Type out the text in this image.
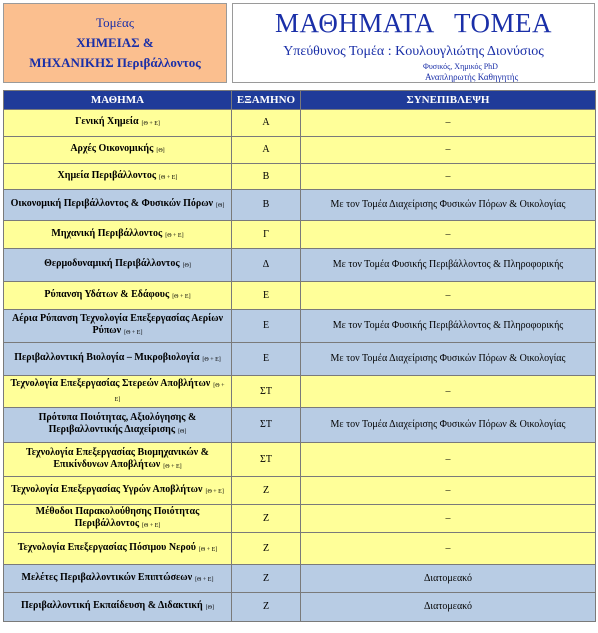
Τομέας
ΧΗΜΕΙΑΣ &
ΜΗΧΑΝΙΚΗΣ Περιβάλλοντος
ΜΑΘΗΜΑΤΑ ΤΟΜΕΑ
Υπεύθυνος Τομέα : Κουλουγλιώτης Διονύσιος
Φυσικός, Χημικός PhD
Αναπληρωτής Καθηγητής
ΜΑΘΗΜΑ	ΕΞΑΜΗΝΟ	ΣΥΝΕΠΙΒΛΕΨΗ
Γενική Χημεία [Θ + Ε]	Α	–
Αρχές Οικονομικής [Θ]	Α	–
Χημεία Περιβάλλοντος [Θ + Ε]	Β	–
Οικονομική Περιβάλλοντος & Φυσικών Πόρων [Θ]	Β	Με τον Τομέα Διαχείρισης Φυσικών Πόρων & Οικολογίας
Μηχανική Περιβάλλοντος [Θ + Ε]	Γ	–
Θερμοδυναμική Περιβάλλοντος [Θ]	Δ	Με τον Τομέα Φυσικής Περιβάλλοντος & Πληροφορικής
Ρύπανση Υδάτων & Εδάφους [Θ + Ε]	Ε	–
Αέρια Ρύπανση Τεχνολογία Επεξεργασίας Αερίων Ρύπων [Θ + Ε]	Ε	Με τον Τομέα Φυσικής Περιβάλλοντος & Πληροφορικής
Περιβαλλοντική Βιολογία – Μικροβιολογία [Θ + Ε]	Ε	Με τον Τομέα Διαχείρισης Φυσικών Πόρων & Οικολογίας
Τεχνολογία Επεξεργασίας Στερεών Αποβλήτων [Θ + Ε]	ΣΤ	–
Πρότυπα Ποιότητας, Αξιολόγησης & Περιβαλλοντικής Διαχείρισης [Θ]	ΣΤ	Με τον Τομέα Διαχείρισης Φυσικών Πόρων & Οικολογίας
Τεχνολογία Επεξεργασίας Βιομηχανικών & Επικίνδυνων Αποβλήτων [Θ + Ε]	ΣΤ	–
Τεχνολογία Επεξεργασίας Υγρών Αποβλήτων [Θ + Ε]	Ζ	–
Μέθοδοι Παρακολούθησης Ποιότητας Περιβάλλοντος [Θ + Ε]	Ζ	–
Τεχνολογία Επεξεργασίας Πόσιμου Νερού [Θ + Ε]	Ζ	–
Μελέτες Περιβαλλοντικών Επιπτώσεων [Θ + Ε]	Ζ	Διατομεακό
Περιβαλλοντική Εκπαίδευση & Διδακτική [Θ]	Ζ	Διατομεακό
